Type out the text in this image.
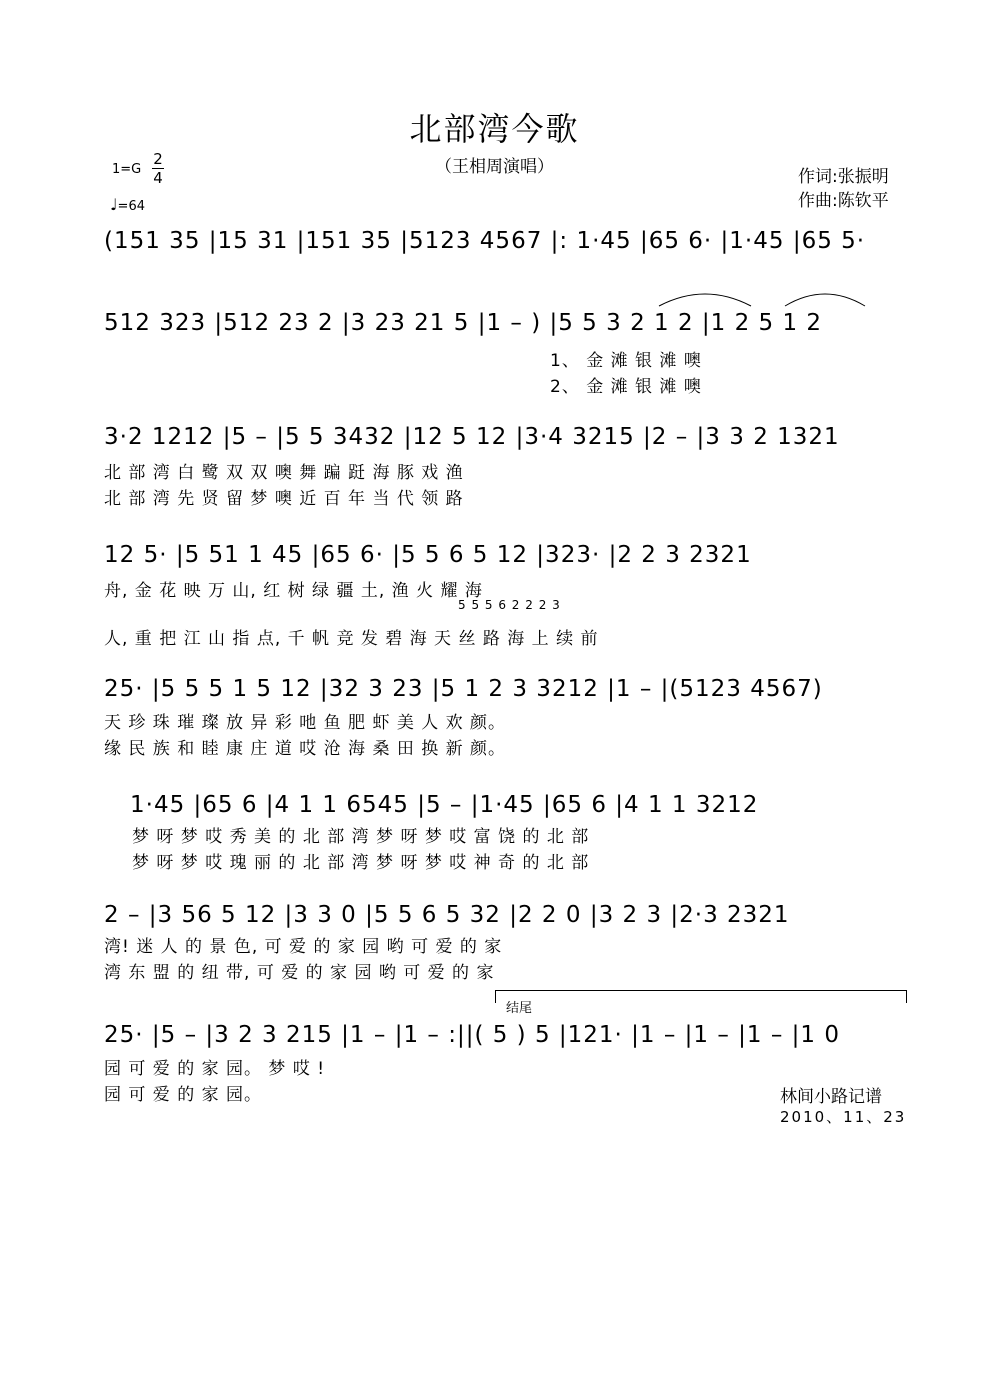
北部湾今歌
（王相周演唱）	作词:张振明
作曲:陈钦平
1=G
2
4
♩=64
(151 35 |15 31 |151 35 |5123 4567 |: 1·45 |65 6· |1·45 |65 5·
512 323 |512 23 2 |3 23 21 5 |1 – ) |5 5 3 2 1 2 |1 2 5 1 2
1、 金 滩 银 滩 噢
2、 金 滩 银 滩 噢
3·2 1212 |5 – |5 5 3432 |12 5 12 |3·4 3215 |2 – |3 3 2 1321
北 部 湾 白 鹭 双 双 噢 舞 蹁 跹 海 豚 戏 渔
北 部 湾 先 贤 留 梦 噢 近 百 年 当 代 领 路
12 5· |5 51 1 45 |65 6· |5 5 6 5 12 |323· |2 2 3 2321
舟, 金 花 映 万 山, 红 树 绿 疆 土, 渔 火 耀 海
5 5 5 6 2 2 2 3
人, 重 把 江 山 指 点, 千 帆 竞 发 碧 海 天 丝 路 海 上 续 前
25· |5 5 5 1 5 12 |32 3 23 |5 1 2 3 3212 |1 – |(5123 4567)
天 珍 珠 璀 璨 放 异 彩 吔 鱼 肥 虾 美 人 欢 颜。
缘 民 族 和 睦 康 庄 道 哎 沧 海 桑 田 换 新 颜。
1·45 |65 6 |4 1 1 6545 |5 – |1·45 |65 6 |4 1 1 3212
梦 呀 梦 哎 秀 美 的 北 部 湾 梦 呀 梦 哎 富 饶 的 北 部
梦 呀 梦 哎 瑰 丽 的 北 部 湾 梦 呀 梦 哎 神 奇 的 北 部
2 – |3 56 5 12 |3 3 0 |5 5 6 5 32 |2 2 0 |3 2 3 |2·3 2321
湾! 迷 人 的 景 色, 可 爱 的 家 园 哟 可 爱 的 家
湾 东 盟 的 纽 带, 可 爱 的 家 园 哟 可 爱 的 家
结尾
25· |5 – |3 2 3 215 |1 – |1 – :||( 5 ) 5 |121· |1 – |1 – |1 – |1 0
园 可 爱 的 家 园。 梦 哎 !
园 可 爱 的 家 园。	林间小路记谱
2010、11、23
